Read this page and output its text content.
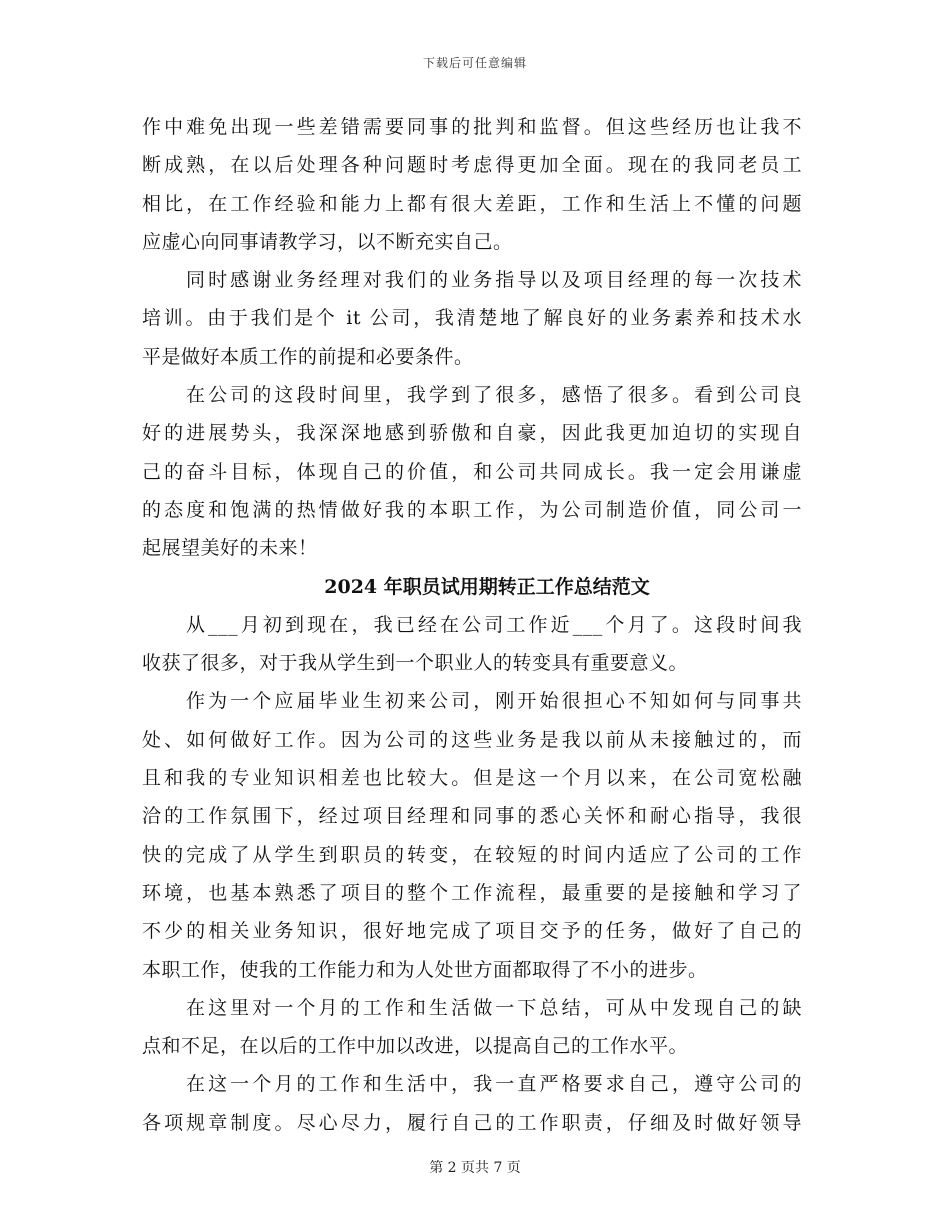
下载后可任意编辑
作中难免出现一些差错需要同事的批判和监督。但这些经历也让我不
断成熟，在以后处理各种问题时考虑得更加全面。现在的我同老员工
相比，在工作经验和能力上都有很大差距，工作和生活上不懂的问题
应虚心向同事请教学习，以不断充实自己。
同时感谢业务经理对我们的业务指导以及项目经理的每一次技术
培训。由于我们是个 it 公司，我清楚地了解良好的业务素养和技术水
平是做好本质工作的前提和必要条件。
在公司的这段时间里，我学到了很多，感悟了很多。看到公司良
好的进展势头，我深深地感到骄傲和自豪，因此我更加迫切的实现自
己的奋斗目标，体现自己的价值，和公司共同成长。我一定会用谦虚
的态度和饱满的热情做好我的本职工作，为公司制造价值，同公司一
起展望美好的未来！
2024 年职员试用期转正工作总结范文
从___月初到现在，我已经在公司工作近___个月了。这段时间我
收获了很多，对于我从学生到一个职业人的转变具有重要意义。
作为一个应届毕业生初来公司，刚开始很担心不知如何与同事共
处、如何做好工作。因为公司的这些业务是我以前从未接触过的，而
且和我的专业知识相差也比较大。但是这一个月以来，在公司宽松融
洽的工作氛围下，经过项目经理和同事的悉心关怀和耐心指导，我很
快的完成了从学生到职员的转变，在较短的时间内适应了公司的工作
环境，也基本熟悉了项目的整个工作流程，最重要的是接触和学习了
不少的相关业务知识，很好地完成了项目交予的任务，做好了自己的
本职工作，使我的工作能力和为人处世方面都取得了不小的进步。
在这里对一个月的工作和生活做一下总结，可从中发现自己的缺
点和不足，在以后的工作中加以改进，以提高自己的工作水平。
在这一个月的工作和生活中，我一直严格要求自己，遵守公司的
各项规章制度。尽心尽力，履行自己的工作职责，仔细及时做好领导
第 2 页共 7 页
